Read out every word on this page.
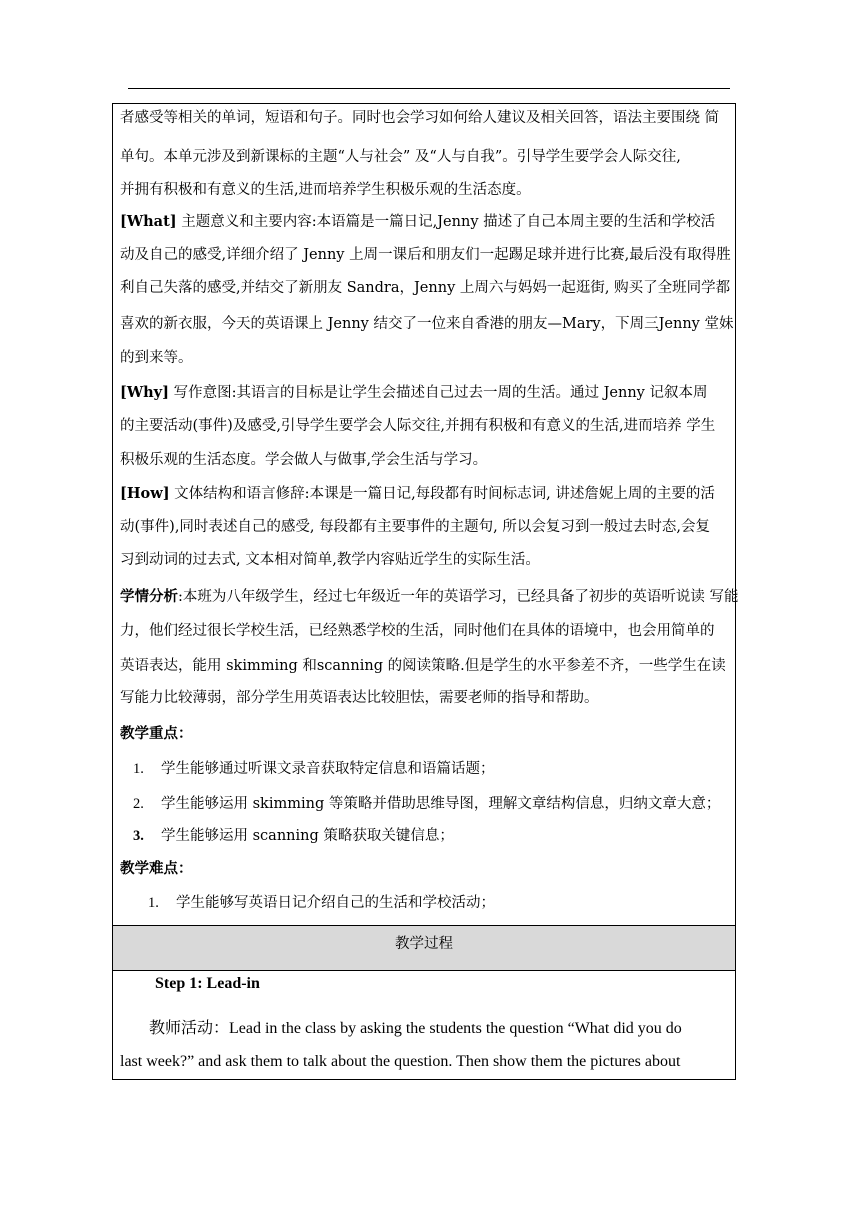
者感受等相关的单词，短语和句子。同时也会学习如何给人建议及相关回答，语法主要围绕 简
单句。本单元涉及到新课标的主题“人与社会” 及“人与自我”。引导学生要学会人际交往,
并拥有积极和有意义的生活,进而培养学生积极乐观的生活态度。
[What] 主题意义和主要内容:本语篇是一篇日记,Jenny 描述了自己本周主要的生活和学校活
动及自己的感受,详细介绍了 Jenny 上周一课后和朋友们一起踢足球并进行比赛,最后没有取得胜
利自己失落的感受,并结交了新朋友 Sandra，Jenny 上周六与妈妈一起逛街, 购买了全班同学都
喜欢的新衣服，今天的英语课上 Jenny 结交了一位来自香港的朋友—Mary，下周三Jenny 堂妹
的到来等。
[Why] 写作意图:其语言的目标是让学生会描述自己过去一周的生活。通过 Jenny 记叙本周
的主要活动(事件)及感受,引导学生要学会人际交往,并拥有积极和有意义的生活,进而培养 学生
积极乐观的生活态度。学会做人与做事,学会生活与学习。
[How] 文体结构和语言修辞:本课是一篇日记,每段都有时间标志词, 讲述詹妮上周的主要的活
动(事件),同时表述自己的感受, 每段都有主要事件的主题句, 所以会复习到一般过去时态,会复
习到动词的过去式, 文本相对简单,教学内容贴近学生的实际生活。
学情分析:本班为八年级学生，经过七年级近一年的英语学习，已经具备了初步的英语听说读 写能
力，他们经过很长学校生活，已经熟悉学校的生活，同时他们在具体的语境中，也会用简单的
英语表达，能用 skimming 和scanning 的阅读策略.但是学生的水平参差不齐，一些学生在读
写能力比较薄弱，部分学生用英语表达比较胆怯，需要老师的指导和帮助。
教学重点：
1. 学生能够通过听课文录音获取特定信息和语篇话题；
2. 学生能够运用 skimming 等策略并借助思维导图，理解文章结构信息，归纳文章大意；
3. 学生能够运用 scanning 策略获取关键信息；
教学难点：
1. 学生能够写英语日记介绍自己的生活和学校活动；
教学过程
Step 1: Lead-in
教师活动：Lead in the class by asking the students the question “What did you do
last week?” and ask them to talk about the question. Then show them the pictures about
